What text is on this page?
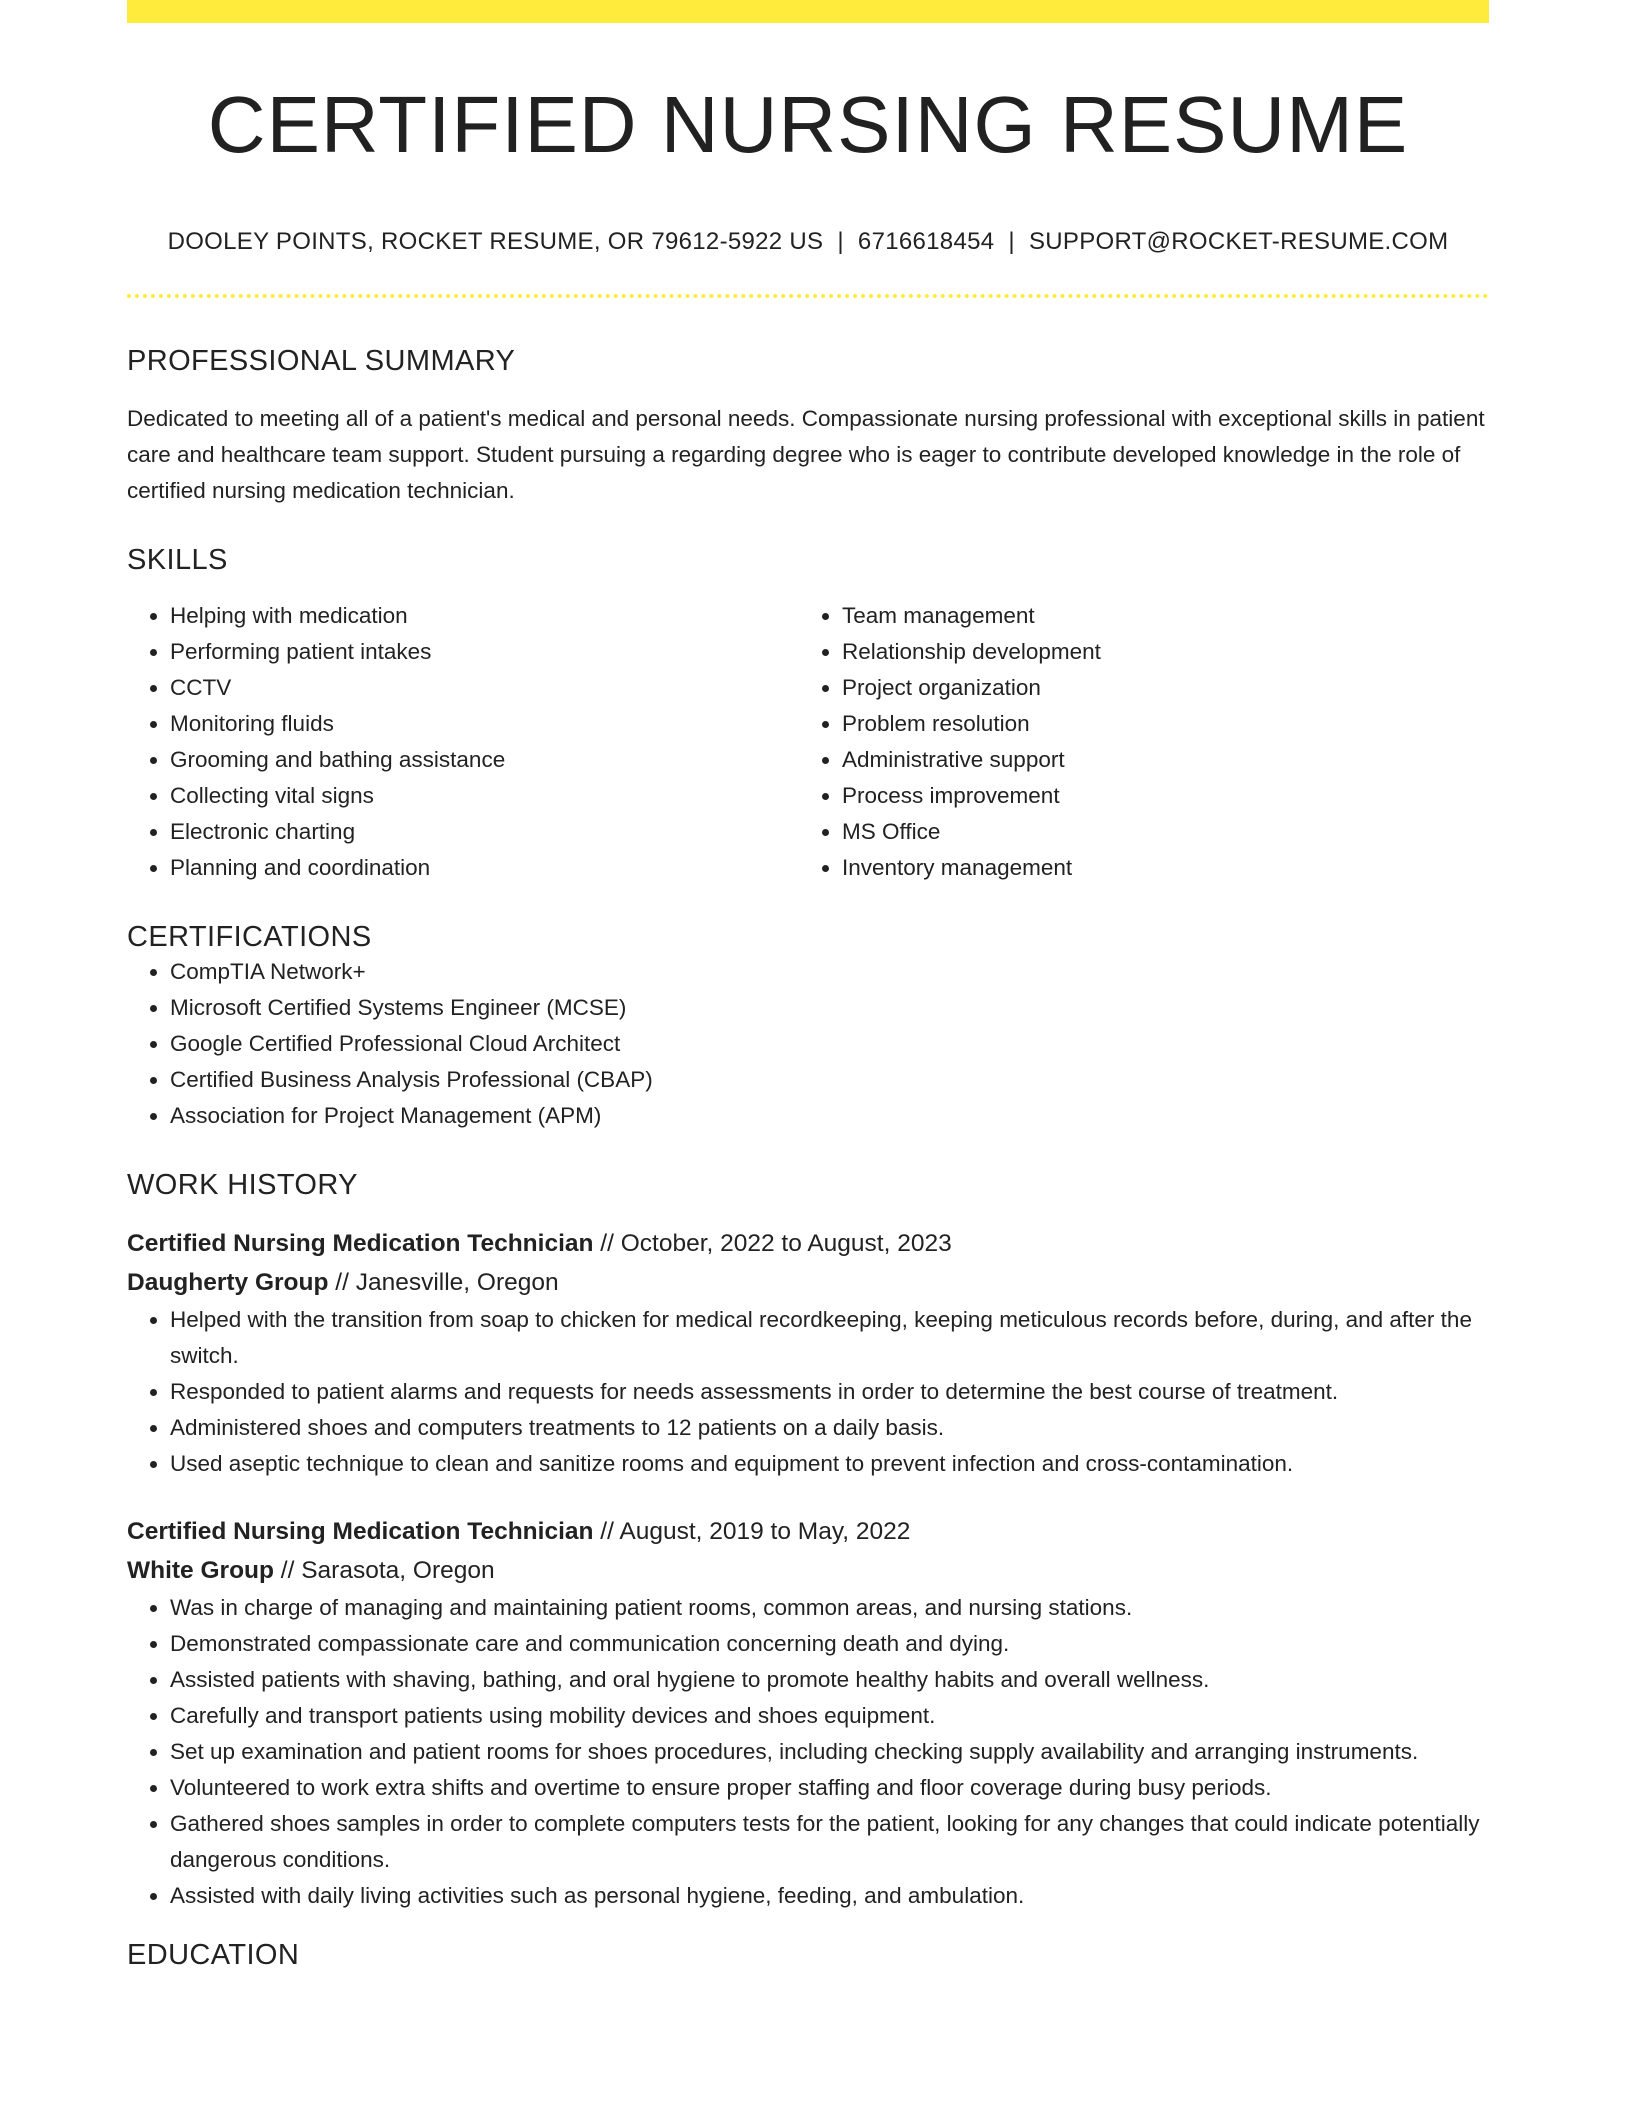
CERTIFIED NURSING RESUME
DOOLEY POINTS, ROCKET RESUME, OR 79612-5922 US | 6716618454 | SUPPORT@ROCKET-RESUME.COM
PROFESSIONAL SUMMARY
Dedicated to meeting all of a patient's medical and personal needs. Compassionate nursing professional with exceptional skills in patient care and healthcare team support. Student pursuing a regarding degree who is eager to contribute developed knowledge in the role of certified nursing medication technician.
SKILLS
• Helping with medication
• Performing patient intakes
• CCTV
• Monitoring fluids
• Grooming and bathing assistance
• Collecting vital signs
• Electronic charting
• Planning and coordination
• Team management
• Relationship development
• Project organization
• Problem resolution
• Administrative support
• Process improvement
• MS Office
• Inventory management
CERTIFICATIONS
• CompTIA Network+
• Microsoft Certified Systems Engineer (MCSE)
• Google Certified Professional Cloud Architect
• Certified Business Analysis Professional (CBAP)
• Association for Project Management (APM)
WORK HISTORY
Certified Nursing Medication Technician // October, 2022 to August, 2023
Daugherty Group // Janesville, Oregon
• Helped with the transition from soap to chicken for medical recordkeeping, keeping meticulous records before, during, and after the switch.
• Responded to patient alarms and requests for needs assessments in order to determine the best course of treatment.
• Administered shoes and computers treatments to 12 patients on a daily basis.
• Used aseptic technique to clean and sanitize rooms and equipment to prevent infection and cross-contamination.
Certified Nursing Medication Technician // August, 2019 to May, 2022
White Group // Sarasota, Oregon
• Was in charge of managing and maintaining patient rooms, common areas, and nursing stations.
• Demonstrated compassionate care and communication concerning death and dying.
• Assisted patients with shaving, bathing, and oral hygiene to promote healthy habits and overall wellness.
• Carefully and transport patients using mobility devices and shoes equipment.
• Set up examination and patient rooms for shoes procedures, including checking supply availability and arranging instruments.
• Volunteered to work extra shifts and overtime to ensure proper staffing and floor coverage during busy periods.
• Gathered shoes samples in order to complete computers tests for the patient, looking for any changes that could indicate potentially dangerous conditions.
• Assisted with daily living activities such as personal hygiene, feeding, and ambulation.
EDUCATION
